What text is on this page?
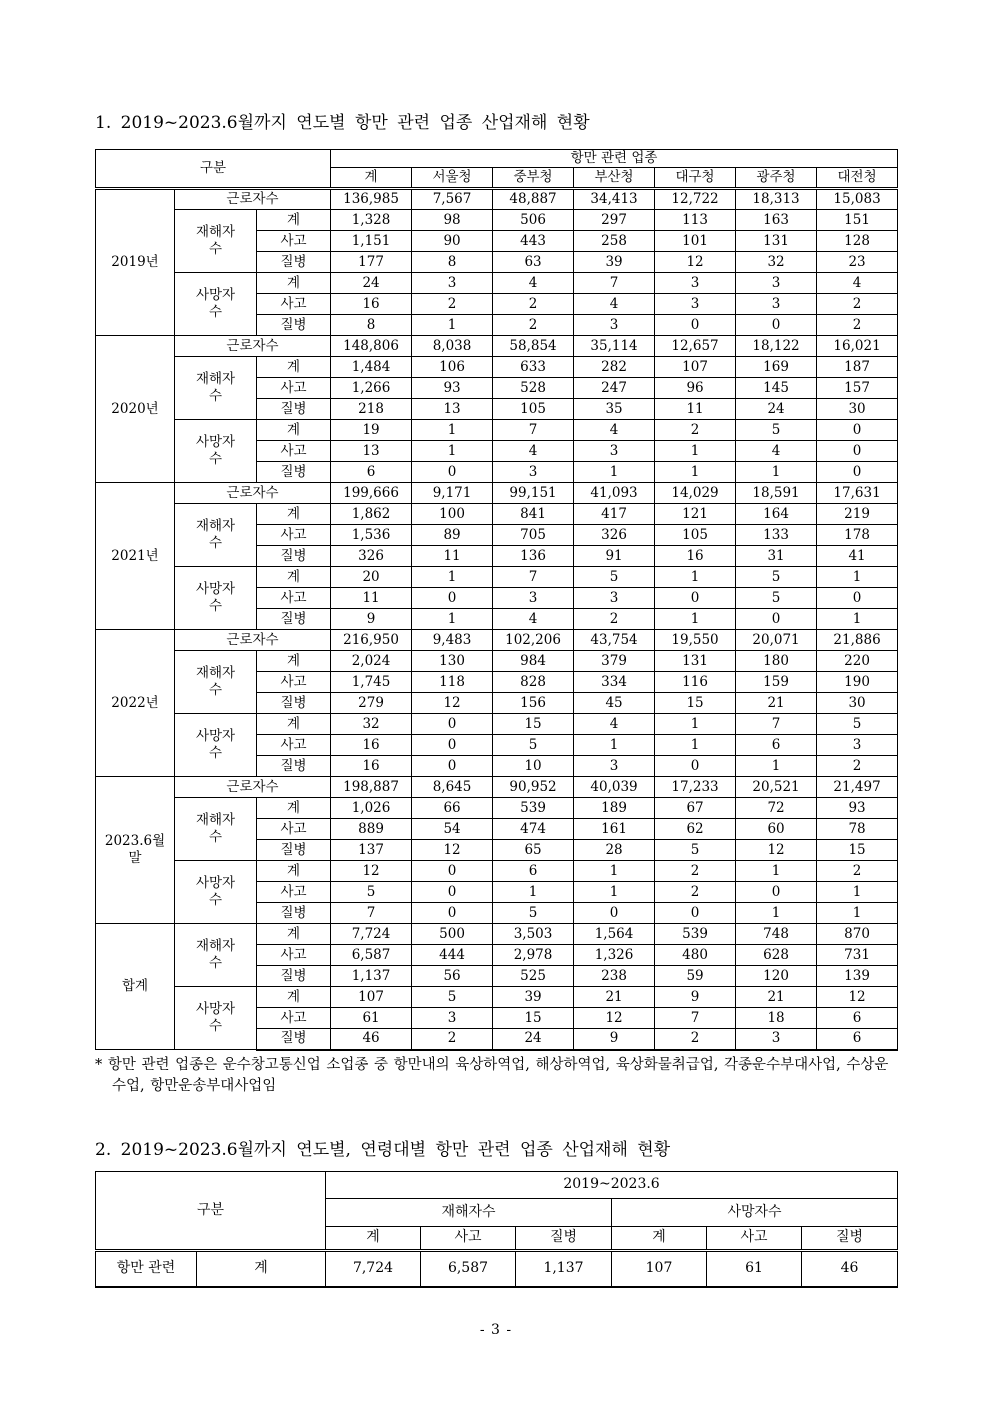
1. 2019~2023.6월까지 연도별 항만 관련 업종 산업재해 현황
구분			항만 관련 업종						
			계	서울청	중부청	부산청	대구청	광주청	대전청
2019년	근로자수		136,985	7,567	48,887	34,413	12,722	18,313	15,083
	재해자수	계	1,328	98	506	297	113	163	151
		사고	1,151	90	443	258	101	131	128
		질병	177	8	63	39	12	32	23
	사망자수	계	24	3	4	7	3	3	4
		사고	16	2	2	4	3	3	2
		질병	8	1	2	3	0	0	2
2020년	근로자수		148,806	8,038	58,854	35,114	12,657	18,122	16,021
	재해자수	계	1,484	106	633	282	107	169	187
		사고	1,266	93	528	247	96	145	157
		질병	218	13	105	35	11	24	30
	사망자수	계	19	1	7	4	2	5	0
		사고	13	1	4	3	1	4	0
		질병	6	0	3	1	1	1	0
2021년	근로자수		199,666	9,171	99,151	41,093	14,029	18,591	17,631
	재해자수	계	1,862	100	841	417	121	164	219
		사고	1,536	89	705	326	105	133	178
		질병	326	11	136	91	16	31	41
	사망자수	계	20	1	7	5	1	5	1
		사고	11	0	3	3	0	5	0
		질병	9	1	4	2	1	0	1
2022년	근로자수		216,950	9,483	102,206	43,754	19,550	20,071	21,886
	재해자수	계	2,024	130	984	379	131	180	220
		사고	1,745	118	828	334	116	159	190
		질병	279	12	156	45	15	21	30
	사망자수	계	32	0	15	4	1	7	5
		사고	16	0	5	1	1	6	3
		질병	16	0	10	3	0	1	2
2023.6월말	근로자수		198,887	8,645	90,952	40,039	17,233	20,521	21,497
	재해자수	계	1,026	66	539	189	67	72	93
		사고	889	54	474	161	62	60	78
		질병	137	12	65	28	5	12	15
	사망자수	계	12	0	6	1	2	1	2
		사고	5	0	1	1	2	0	1
		질병	7	0	5	0	0	1	1
합계	재해자수	계	7,724	500	3,503	1,564	539	748	870
		사고	6,587	444	2,978	1,326	480	628	731
		질병	1,137	56	525	238	59	120	139
	사망자수	계	107	5	39	21	9	21	12
		사고	61	3	15	12	7	18	6
		질병	46	2	24	9	2	3	6
* 항만 관련 업종은 운수창고통신업 소업종 중 항만내의 육상하역업, 해상하역업, 육상화물취급업, 각종운수부대사업, 수상운수업, 항만운송부대사업임
2. 2019~2023.6월까지 연도별, 연령대별 항만 관련 업종 산업재해 현황
구분		2019~2023.6					
		재해자수			사망자수		
		계	사고	질병	계	사고	질병
항만 관련	계	7,724	6,587	1,137	107	61	46
- 3 -
